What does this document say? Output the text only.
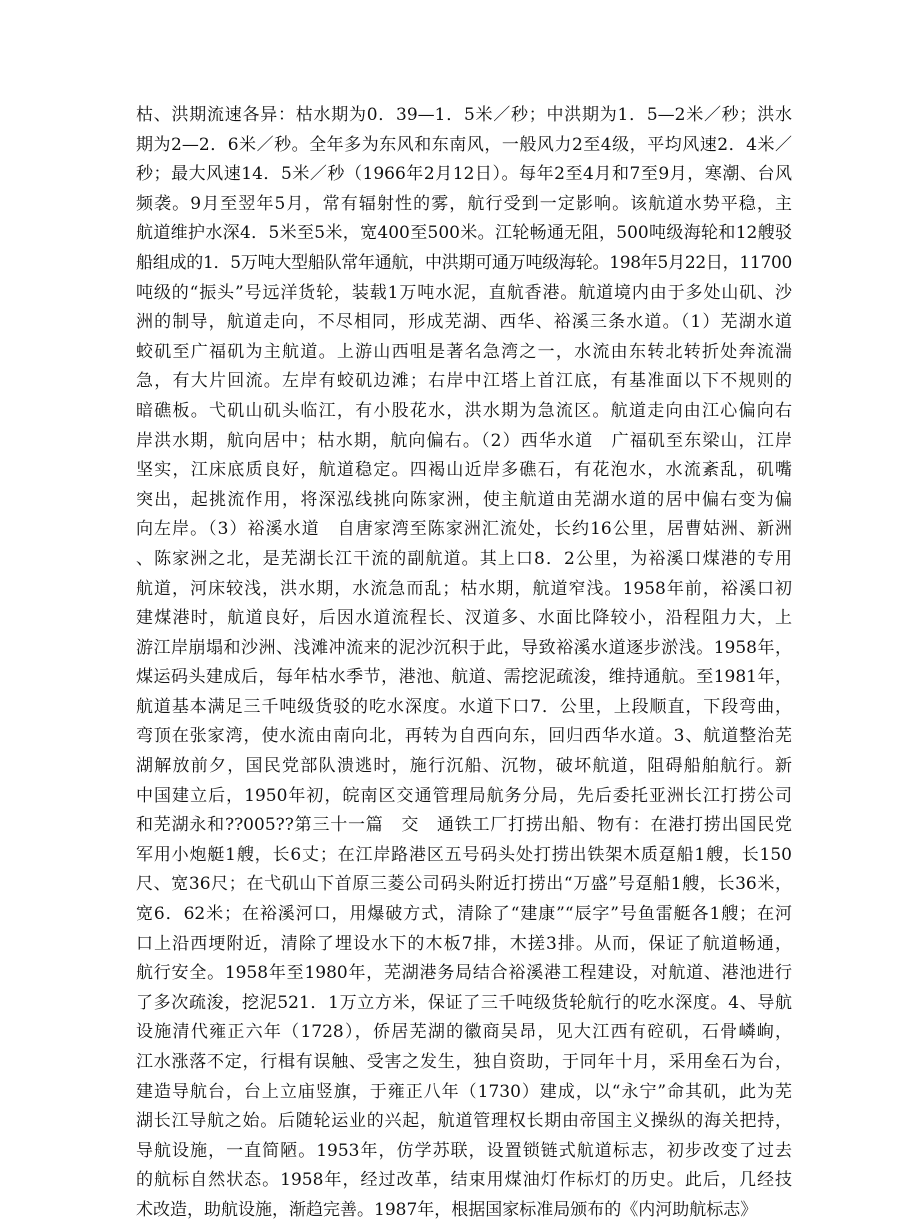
枯、洪期流速各异：枯水期为0．39—1．5米／秒；中洪期为1．5—2米／秒；洪水
期为2—2．6米／秒。全年多为东风和东南风，一般风力2至4级，平均风速2．4米／
秒；最大风速14．5米／秒（1966年2月12日）。每年2至4月和7至9月，寒潮、台风
频袭。9月至翌年5月，常有辐射性的雾，航行受到一定影响。该航道水势平稳，主
航道维护水深4．5米至5米，宽400至500米。江轮畅通无阻，500吨级海轮和12艘驳
船组成的1．5万吨大型船队常年通航，中洪期可通万吨级海轮。198年5月22日，11700
吨级的“振头”号远洋货轮，装载1万吨水泥，直航香港。航道境内由于多处山矶、沙
洲的制导，航道走向，不尽相同，形成芜湖、西华、裕溪三条水道。（1）芜湖水道
蛟矶至广福矶为主航道。上游山西咀是著名急湾之一，水流由东转北转折处奔流湍
急，有大片回流。左岸有蛟矶边滩；右岸中江塔上首江底，有基准面以下不规则的
暗礁板。弋矶山矶头临江，有小股花水，洪水期为急流区。航道走向由江心偏向右
岸洪水期，航向居中；枯水期，航向偏右。（2）西华水道　广福矶至东梁山，江岸
坚实，江床底质良好，航道稳定。四褐山近岸多礁石，有花泡水，水流紊乱，矶嘴
突出，起挑流作用，将深泓线挑向陈家洲，使主航道由芜湖水道的居中偏右变为偏
向左岸。（3）裕溪水道　自唐家湾至陈家洲汇流处，长约16公里，居曹姑洲、新洲
、陈家洲之北，是芜湖长江干流的副航道。其上口8．2公里，为裕溪口煤港的专用
航道，河床较浅，洪水期，水流急而乱；枯水期，航道窄浅。1958年前，裕溪口初
建煤港时，航道良好，后因水道流程长、汊道多、水面比降较小，沿程阻力大，上
游江岸崩塌和沙洲、浅滩冲流来的泥沙沉积于此，导致裕溪水道逐步淤浅。1958年，
煤运码头建成后，每年枯水季节，港池、航道、需挖泥疏浚，维持通航。至1981年，
航道基本满足三千吨级货驳的吃水深度。水道下口7．公里，上段顺直，下段弯曲，
弯顶在张家湾，使水流由南向北，再转为自西向东，回归西华水道。3、航道整治芜
湖解放前夕，国民党部队溃逃时，施行沉船、沉物，破坏航道，阻碍船舶航行。新
中国建立后，1950年初，皖南区交通管理局航务分局，先后委托亚洲长江打捞公司
和芜湖永和??005??第三十一篇　交　通铁工厂打捞出船、物有：在港打捞出国民党
军用小炮艇1艘，长6丈；在江岸路港区五号码头处打捞出铁架木质趸船1艘，长150
尺、宽36尺；在弋矶山下首原三菱公司码头附近打捞出“万盛”号趸船1艘，长36米，
宽6．62米；在裕溪河口，用爆破方式，清除了“建康”“辰字”号鱼雷艇各1艘；在河
口上沿西埂附近，清除了埋设水下的木板7排，木搓3排。从而，保证了航道畅通，
航行安全。1958年至1980年，芜湖港务局结合裕溪港工程建设，对航道、港池进行
了多次疏浚，挖泥521．1万立方米，保证了三千吨级货轮航行的吃水深度。4、导航
设施清代雍正六年（1728），侨居芜湖的徽商吴昂，见大江西有硿矶，石骨嶙峋，
江水涨落不定，行楫有误触、受害之发生，独自资助，于同年十月，采用垒石为台，
建造导航台，台上立庙竖旗，于雍正八年（1730）建成，以“永宁”命其矶，此为芜
湖长江导航之始。后随轮运业的兴起，航道管理权长期由帝国主义操纵的海关把持，
导航设施，一直简陋。1953年，仿学苏联，设置锁链式航道标志，初步改变了过去
的航标自然状态。1958年，经过改革，结束用煤油灯作标灯的历史。此后，几经技
术改造，助航设施，渐趋完善。1987年，根据国家标准局颁布的《内河助航标志》
